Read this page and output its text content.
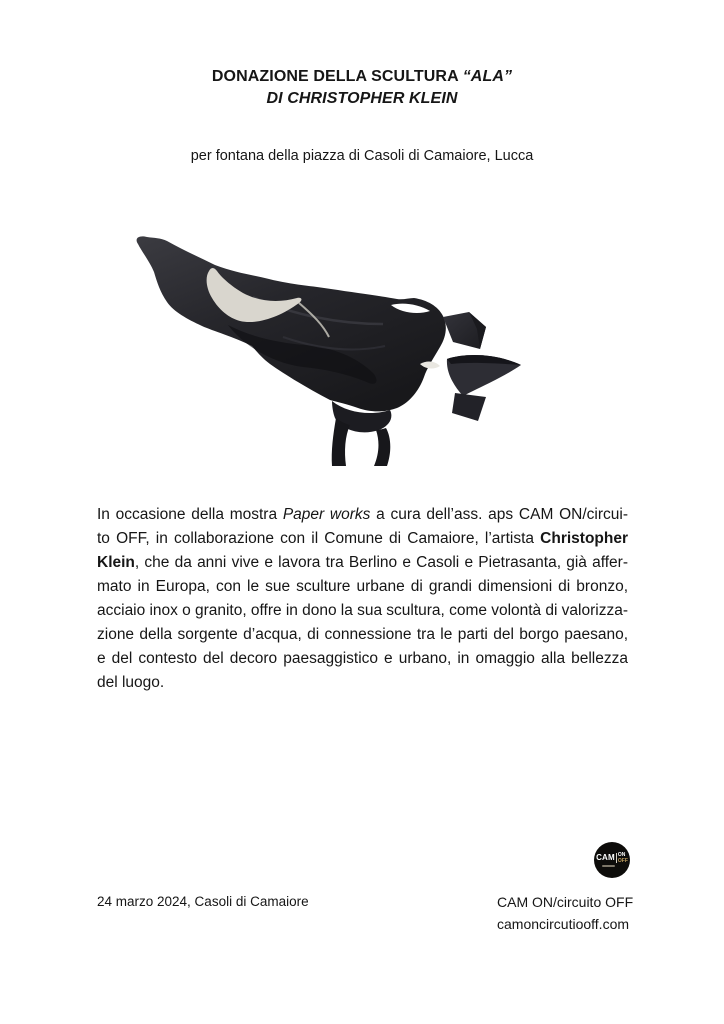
DONAZIONE DELLA SCULTURA “ALA”
DI CHRISTOPHER KLEIN
per fontana della piazza di Casoli di Camaiore, Lucca
In occasione della mostra Paper works a cura dell’ass. aps CAM ON/circui-
to OFF, in collaborazione con il Comune di Camaiore, l’artista Christopher
Klein, che da anni vive e lavora tra Berlino e Casoli e Pietrasanta, già affer-
mato in Europa, con le sue sculture urbane di grandi dimensioni di bronzo,
acciaio inox o granito, offre in dono la sua scultura, come volontà di valorizza-
zione della sorgente d’acqua, di connessione tra le parti del borgo paesano,
e del contesto del decoro paesaggistico e urbano, in omaggio alla bellezza
del luogo.
CAM ON
OFF
24 marzo 2024, Casoli di Camaiore	CAM ON/circuito OFF
camoncircutiooff.com
